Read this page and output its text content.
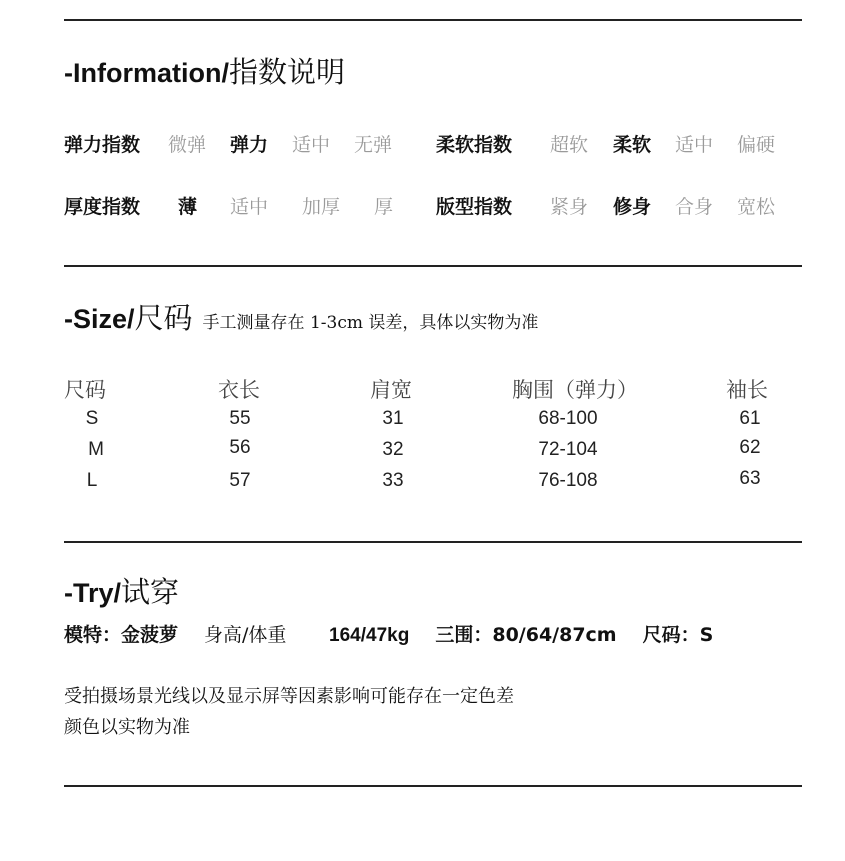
-Information/指数说明
弹力指数 微弹 弹力 适中 无弹 柔软指数 超软 柔软 适中 偏硬
厚度指数 薄 适中 加厚 厚 版型指数 紧身 修身 合身 宽松
-Size/尺码 手工测量存在 1-3cm 误差，具体以实物为准
尺码	衣长	肩宽	胸围（弹力）	袖长
S	55	31	68-100	61
M	56	32	72-104	62
L	57	33	76-108	63
-Try/试穿
模特：金菠萝 身高/体重 164/47kg 三围：80/64/87cm 尺码：S
受拍摄场景光线以及显示屏等因素影响可能存在一定色差
颜色以实物为准
